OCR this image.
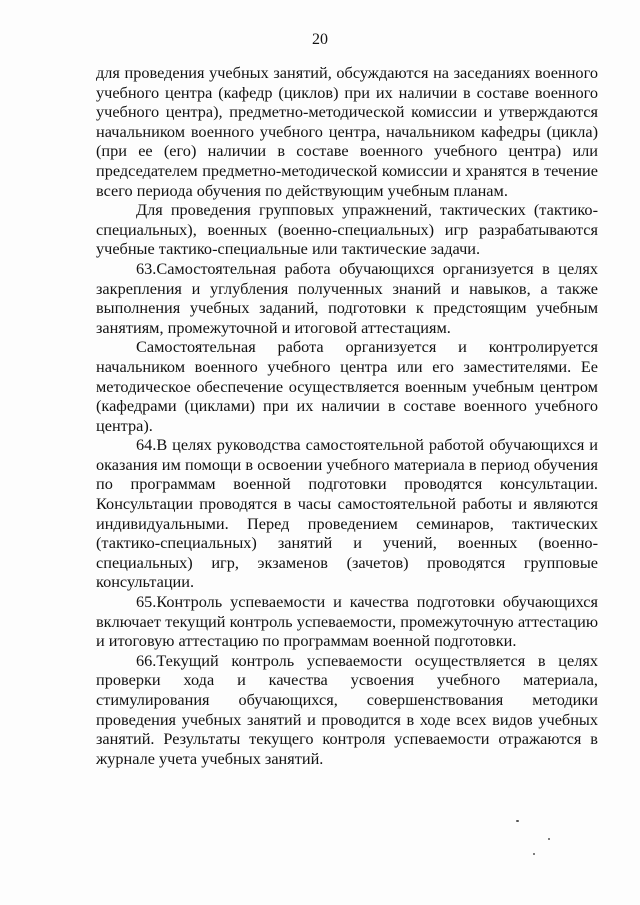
20

для проведения учебных занятий, обсуждаются на заседаниях военного учебного центра (кафедр (циклов) при их наличии в составе военного учебного центра), предметно-методической комиссии и утверждаются начальником военного учебного центра, начальником кафедры (цикла) (при ее (его) наличии в составе военного учебного центра) или председателем предметно-методической комиссии и хранятся в течение всего периода обучения по действующим учебным планам.

Для проведения групповых упражнений, тактических (тактико-специальных), военных (военно-специальных) игр разрабатываются учебные тактико-специальные или тактические задачи.

63.Самостоятельная работа обучающихся организуется в целях закрепления и углубления полученных знаний и навыков, а также выполнения учебных заданий, подготовки к предстоящим учебным занятиям, промежуточной и итоговой аттестациям.

Самостоятельная работа организуется и контролируется начальником военного учебного центра или его заместителями. Ее методическое обеспечение осуществляется военным учебным центром (кафедрами (циклами) при их наличии в составе военного учебного центра).

64.В целях руководства самостоятельной работой обучающихся и оказания им помощи в освоении учебного материала в период обучения по программам военной подготовки проводятся консультации. Консультации проводятся в часы самостоятельной работы и являются индивидуальными. Перед проведением семинаров, тактических (тактико-специальных) занятий и учений, военных (военно-специальных) игр, экзаменов (зачетов) проводятся групповые консультации.

65.Контроль успеваемости и качества подготовки обучающихся включает текущий контроль успеваемости, промежуточную аттестацию и итоговую аттестацию по программам военной подготовки.

66.Текущий контроль успеваемости осуществляется в целях проверки хода и качества усвоения учебного материала, стимулирования обучающихся, совершенствования методики проведения учебных занятий и проводится в ходе всех видов учебных занятий. Результаты текущего контроля успеваемости отражаются в журнале учета учебных занятий.
